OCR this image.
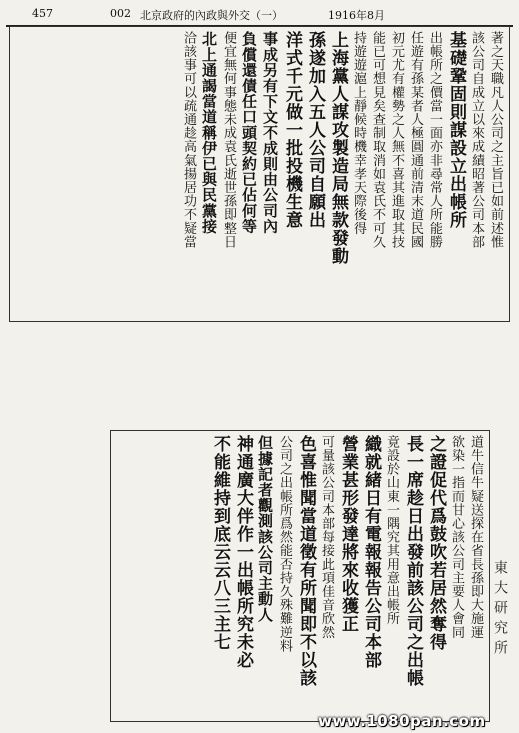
457	002 北京政府的內政與外交（一）	1916年8月
著之天職凡人公司之主旨已如前述惟
該公司自成立以來成績昭著公司本部
基礎鞏固則謀設立出帳所
出帳所之價當一面亦非尋常人所能勝
任遊有孫某者人極圓通前清末道民國
初元尤有權勢之人無不喜其進取其技
能已可想見矣查制取消如袁氏不可久
持遊遊滬上靜候時機幸孝天際後得
上海黨人謀攻製造局無款發動
孫遂加入五人公司自願出
洋式千元做一批投機生意
事成另有下文不成則由公司內
負償還債任口頭契約已佔何等
便宜無何事態未成袁氏逝世孫即整日
北上通謁當道稱伊已與民黨接
洽該事可以疏通趁高氣揚居功不疑當
道牛信牛疑送探在省長孫即大施運
欲染一指而甘心該公司主要人會同
之證促代爲鼓吹若居然奪得
長一席趁日出發前該公司之出帳
竟設於山東一隅究其用意出帳所
織就緒日有電報報告公司本部
營業甚形發達將來收獲正
可量該公司本部每接此項佳音欣然
色喜惟聞當道徵有所聞即不以該
公司之出帳所爲然能否持久殊難逆料
但據記者觀測該公司主動人
神通廣大伴作一出帳所究未必
不能維持到底云云八三主七	東大研究所
www.1080pan.com
